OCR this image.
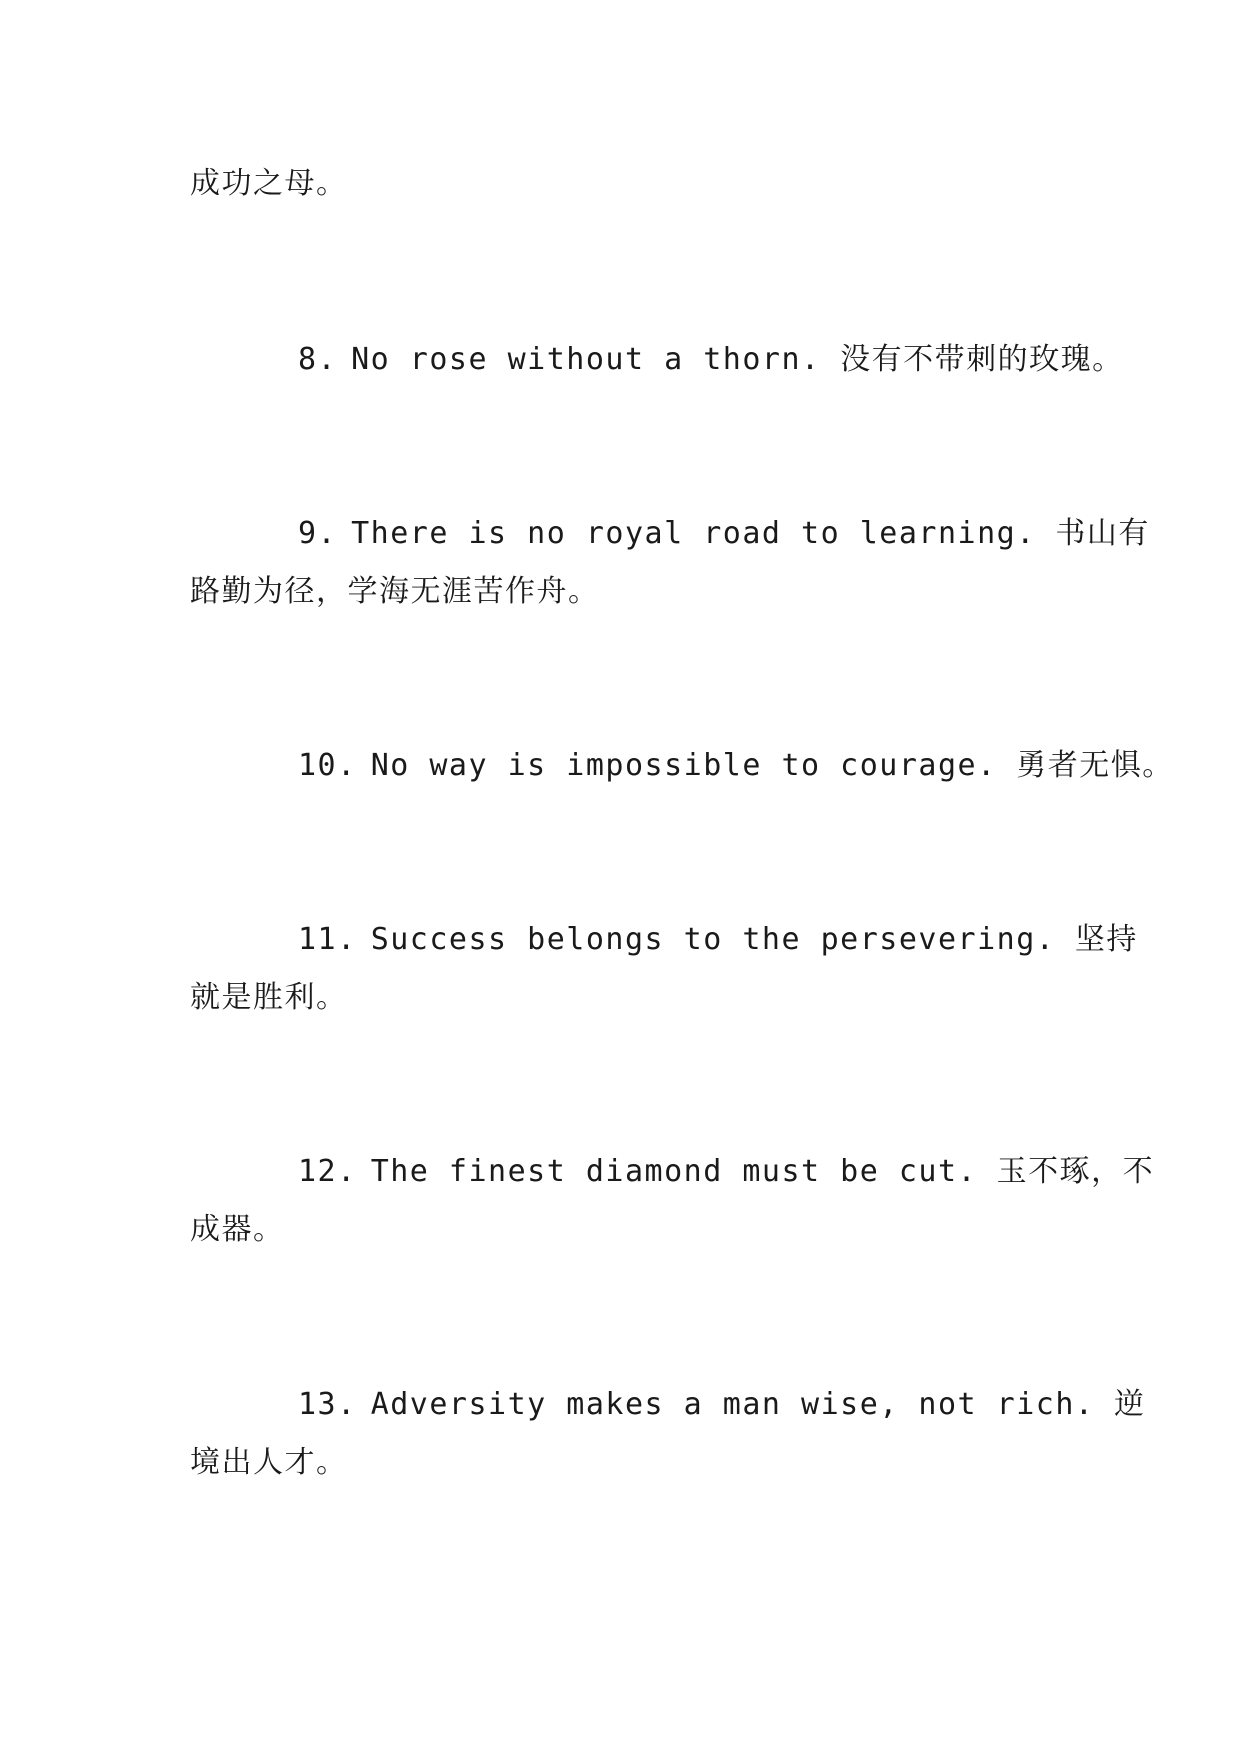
成功之母。
8. No rose without a thorn. 没有不带刺的玫瑰。
9. There is no royal road to learning. 书山有
路勤为径，学海无涯苦作舟。
10. No way is impossible to courage. 勇者无惧。
11. Success belongs to the persevering. 坚持
就是胜利。
12. The finest diamond must be cut. 玉不琢，不
成器。
13. Adversity makes a man wise, not rich. 逆
境出人才。
